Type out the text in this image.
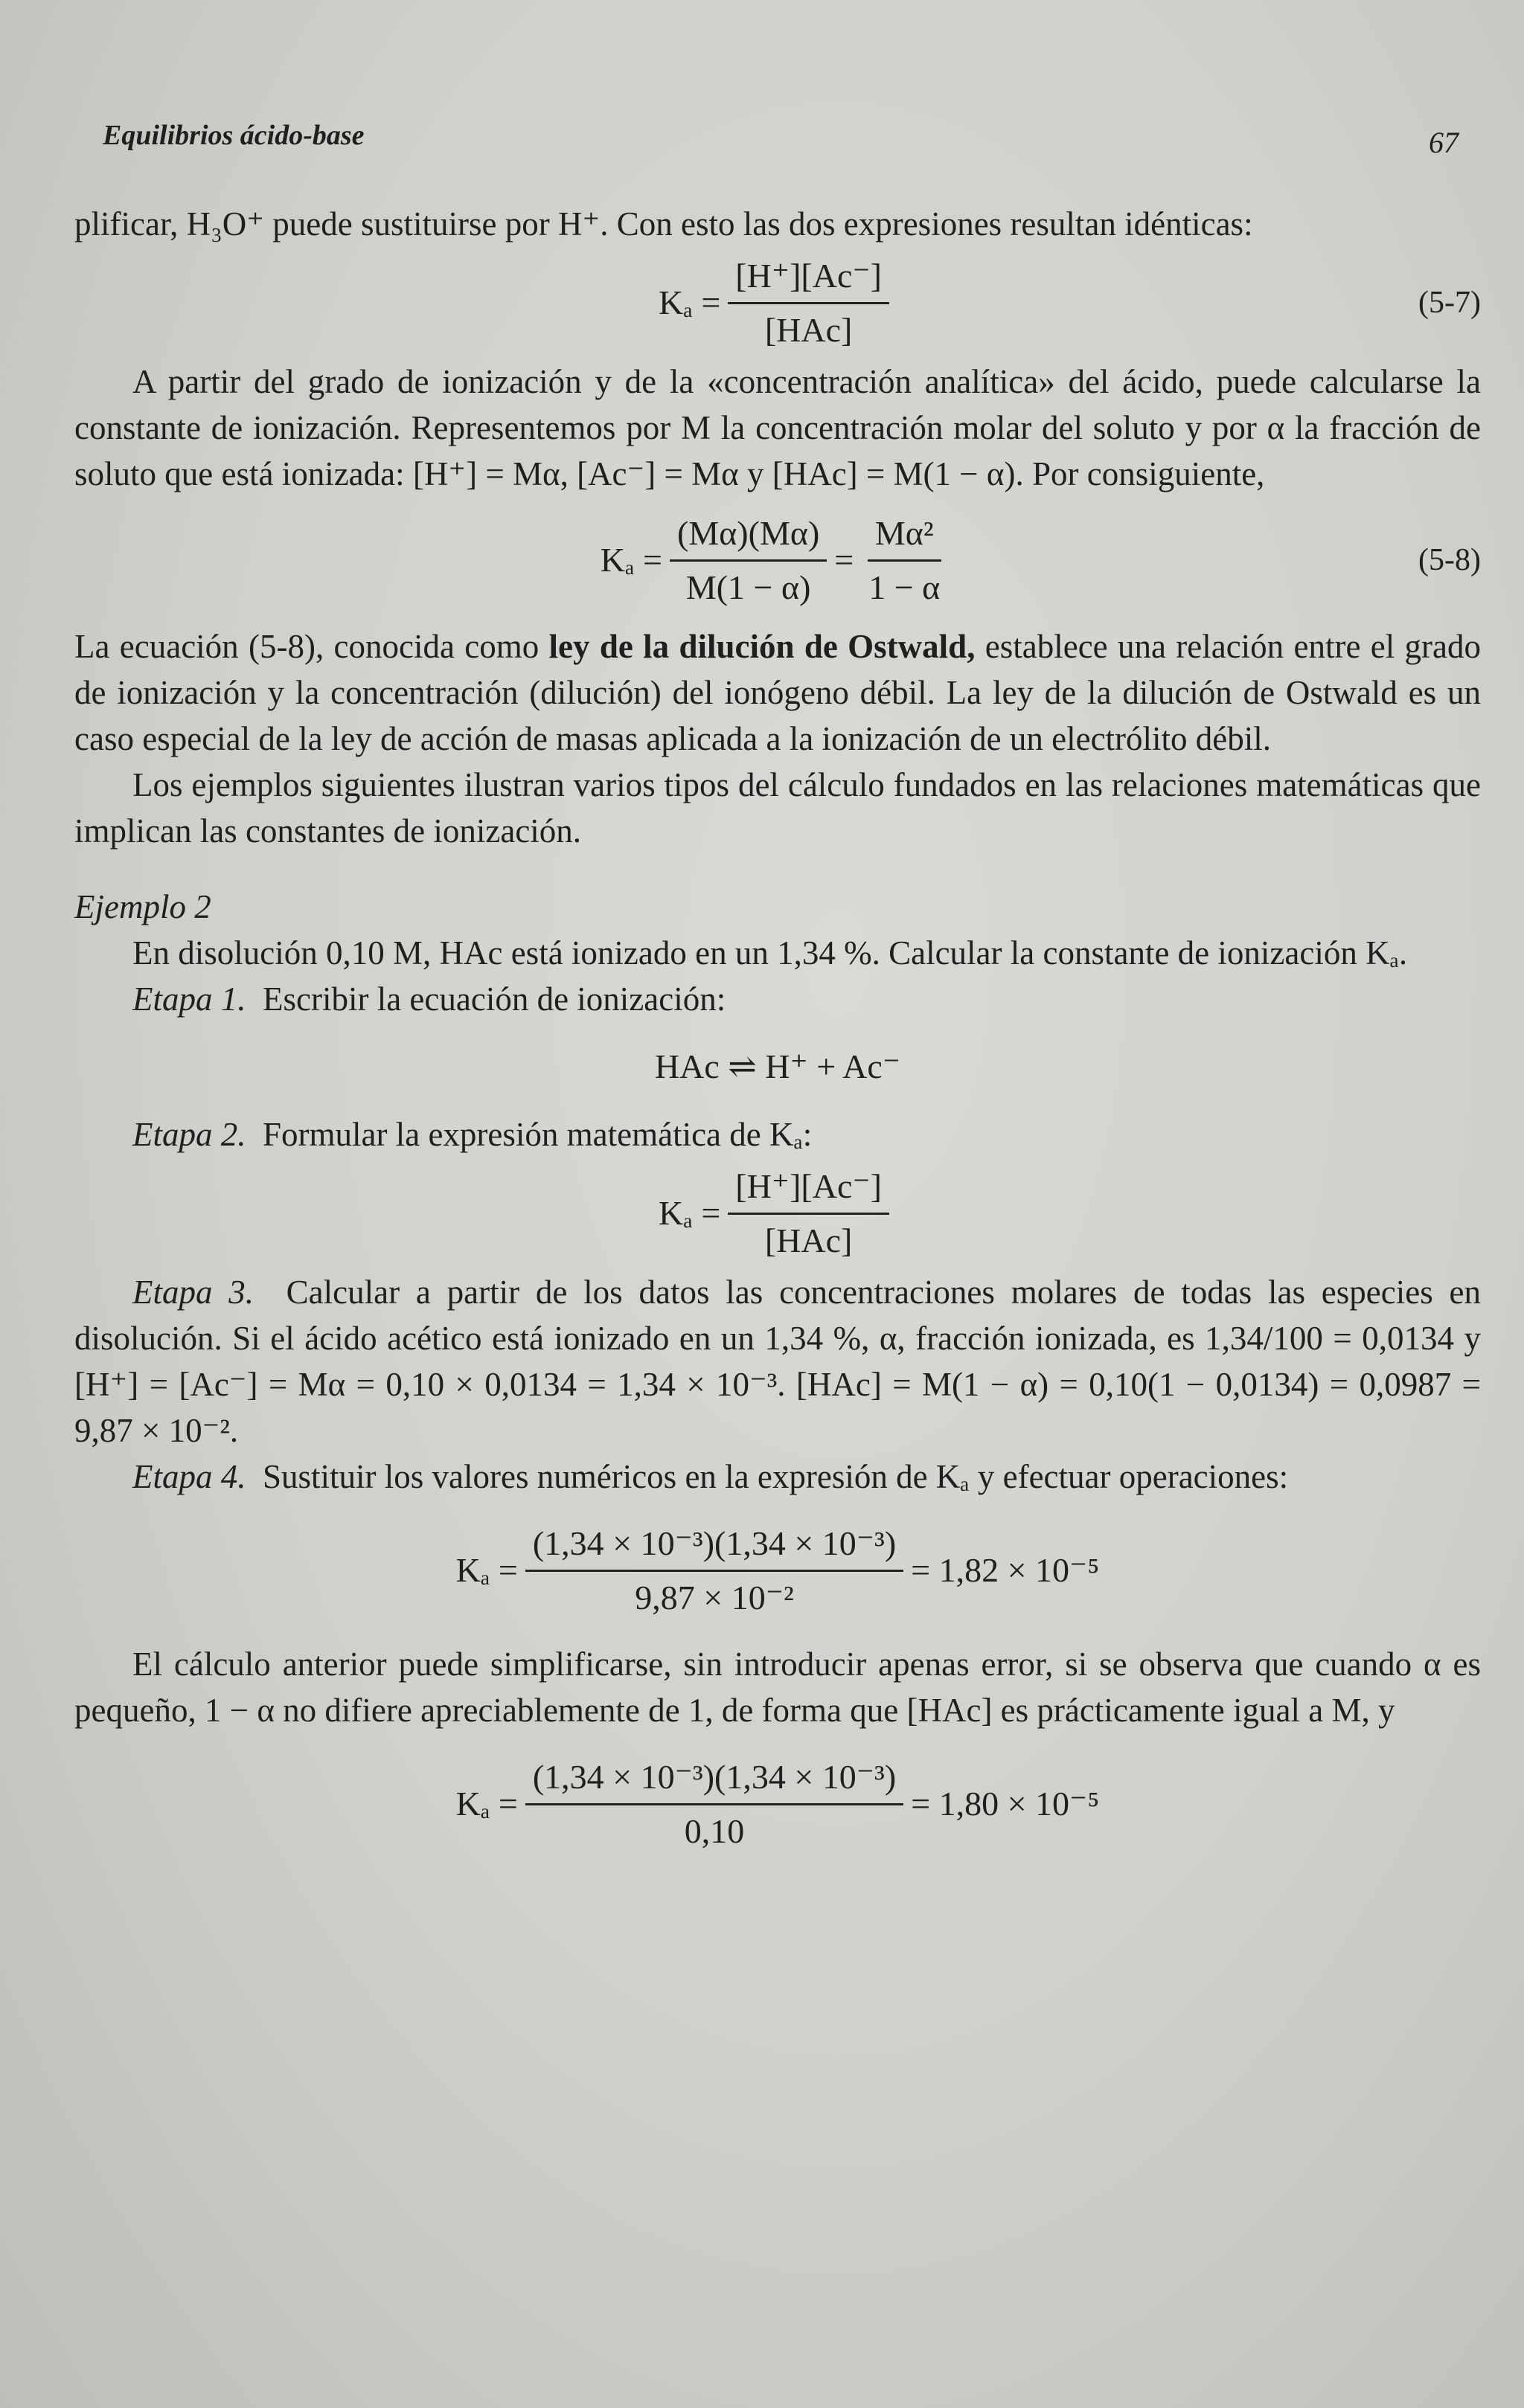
Equilibrios ácido-base	67

plificar, H₃O⁺ puede sustituirse por H⁺. Con esto las dos expresiones resultan idénticas:

$K_a = \frac{[H^+][Ac^-]}{\text{[HAc]}}$	(5-7)

A partir del grado de ionización y de la «concentración analítica» del ácido, puede calcularse la constante de ionización. Representemos por M la concentración molar del soluto y por α la fracción de soluto que está ionizada: [H⁺] = Mα, [Ac⁻] = Mα y [HAc] = M(1 − α). Por consiguiente,

$K_a = \frac{(M\alpha)(M\alpha)}{M(1 - \alpha)} = \frac{\text{Mα²}}{1 - \alpha}$	(5-8)

La ecuación (5-8), conocida como ley de la dilución de Ostwald, establece una relación entre el grado de ionización y la concentración (dilución) del ionógeno débil. La ley de la dilución de Ostwald es un caso especial de la ley de acción de masas aplicada a la ionización de un electrólito débil.

Los ejemplos siguientes ilustran varios tipos del cálculo fundados en las relaciones matemáticas que implican las constantes de ionización.

Ejemplo 2

En disolución 0,10 M, HAc está ionizado en un 1,34 %. Calcular la constante de ionización Kₐ.

Etapa 1. Escribir la ecuación de ionización:

HAc ⇌ H⁺ + Ac⁻

Etapa 2. Formular la expresión matemática de Kₐ:

$K_a = \frac{[H^+][Ac^-]}{\text{[HAc]}}$

Etapa 3. Calcular a partir de los datos las concentraciones molares de todas las especies en disolución. Si el ácido acético está ionizado en un 1,34 %, α, fracción ionizada, es 1,34/100 = 0,0134 y [H⁺] = [Ac⁻] = Mα = 0,10 × 0,0134 = 1,34 × 10⁻³. [HAc] = M(1 − α) = 0,10(1 − 0,0134) = 0,0987 = 9,87 × 10⁻².

Etapa 4. Sustituir los valores numéricos en la expresión de Kₐ y efectuar operaciones:

$K_a = \frac{\text{(1,34 × 10⁻³)(1,34 × 10⁻³)}}{\text{9,87 × 10⁻²}} = 1,82 \times 10^{-5}$

El cálculo anterior puede simplificarse, sin introducir apenas error, si se observa que cuando α es pequeño, 1 − α no difiere apreciablemente de 1, de forma que [HAc] es prácticamente igual a M, y

$K_a = \frac{\text{(1,34 × 10⁻³)(1,34 × 10⁻³)}}{0,10} = 1,80 \times 10^{-5}$
